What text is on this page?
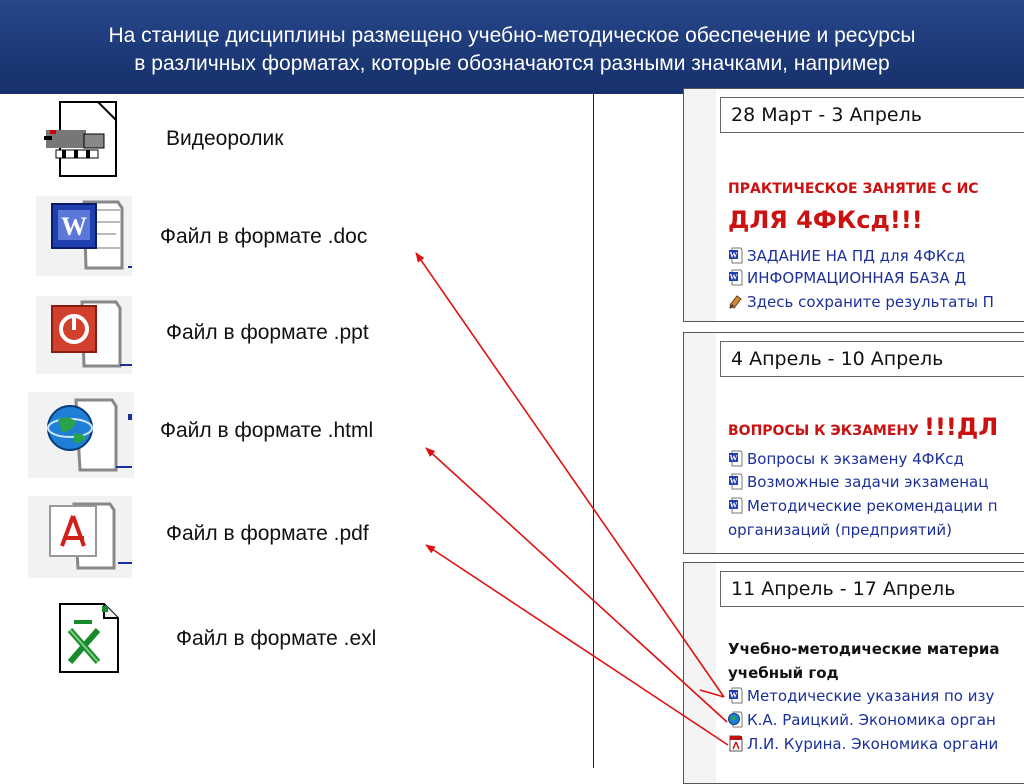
На станице дисциплины размещено учебно-методическое обеспечение и ресурсы
в различных форматах, которые обозначаются разными значками, например
W
Видеоролик
Файл в формате .doc
Файл в формате .ppt
Файл в формате .html
Файл в формате .pdf
Файл в формате .exl
28 Март - 3 Апрель
ПРАКТИЧЕСКОЕ ЗАНЯТИЕ С ИС
ДЛЯ 4ФКсд!!!
W ЗАДАНИЕ НА ПД для 4ФКсд
W ИНФОРМАЦИОННАЯ БАЗА Д
Здесь сохраните результаты П
4 Апрель - 10 Апрель
ВОПРОСЫ К ЭКЗАМЕНУ !!!ДЛ
W Вопросы к экзамену 4ФКсд
W Возможные задачи экзаменац
W Методические рекомендации п
организаций (предприятий)
11 Апрель - 17 Апрель
Учебно-методические материа
учебный год
W Методические указания по изу
К.А. Раицкий. Экономика орган
Л.И. Курина. Экономика органи
